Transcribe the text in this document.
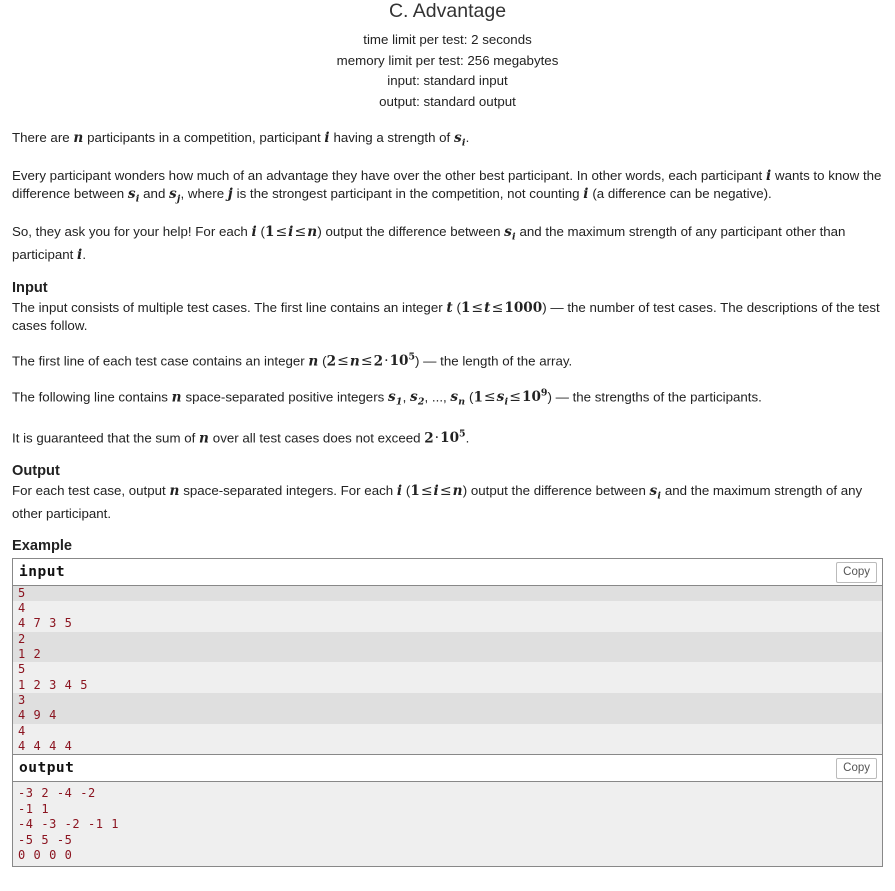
C. Advantage
time limit per test: 2 seconds
memory limit per test: 256 megabytes
input: standard input
output: standard output

There are n participants in a competition, participant i having a strength of $s_i$.

Every participant wonders how much of an advantage they have over the other best participant. In other words, each participant i wants to know the difference between $s_i$ and $s_j$, where j is the strongest participant in the competition, not counting i (a difference can be negative).

So, they ask you for your help! For each i (1≤i≤n) output the difference between $s_i$ and the maximum strength of any participant other than participant i.

Input

The input consists of multiple test cases. The first line contains an integer t (1≤t≤1000) — the number of test cases. The descriptions of the test cases follow.

The first line of each test case contains an integer n $(2\le n\le 2\cdot 10^5)$ — the length of the array.

The following line contains n space-separated positive integers $s_1$, $s_2$, ..., $s_n$ $(1\le s_i\le 10^9)$ — the strengths of the participants.

It is guaranteed that the sum of n over all test cases does not exceed $2\cdot 10^5$.

Output

For each test case, output n space-separated integers. For each i (1≤i≤n) output the difference between $s_i$ and the maximum strength of any other participant.

Example
input	Copy
5
4
4 7 3 5
2
1 2
5
1 2 3 4 5
3
4 9 4
4
4 4 4 4
output	Copy
-3 2 -4 -2
-1 1
-4 -3 -2 -1 1
-5 5 -5
0 0 0 0
